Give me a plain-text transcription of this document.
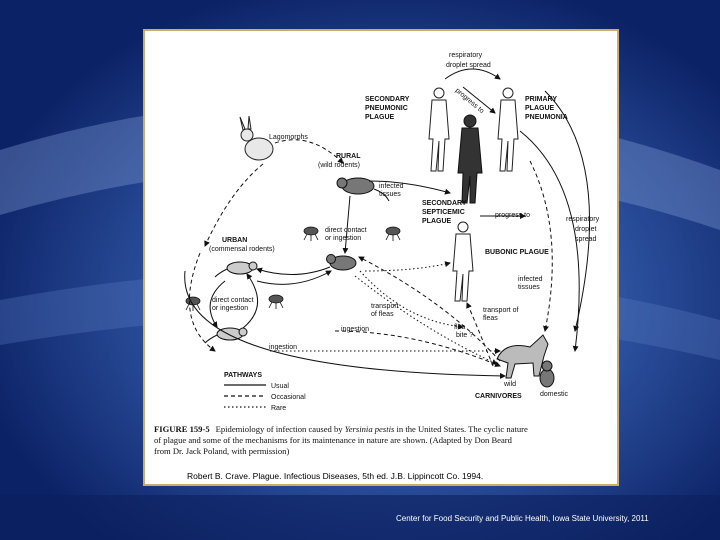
respiratory
droplet spread
SECONDARY
PNEUMONIC
PLAGUE
PRIMARY
PLAGUE
PNEUMONIA
progress to
Lagomorphs
RURAL
(wild rodents)
infected
tissues
SECONDARY
SEPTICEMIC
PLAGUE
progress to
respiratory
droplet
spread
direct contact
or ingestion
URBAN
(commensal rodents)	BUBONIC PLAGUE
direct contact
or ingestion
infected
tissues
transport
of fleas
transport of
fleas
flea
bite ?
ingestion
ingestion
wild
domestic
CARNIVORES
PATHWAYS
Usual
Occasional
Rare
FIGURE 159-5 Epidemiology of infection caused by Yersinia pestis in the United States. The cyclic nature
of plague and some of the mechanisms for its maintenance in nature are shown. (Adapted by Don Beard
from Dr. Jack Poland, with permission)
Robert B. Crave. Plague. Infectious Diseases, 5th ed. J.B. Lippincott Co. 1994.
Center for Food Security and Public Health, Iowa State University, 2011
